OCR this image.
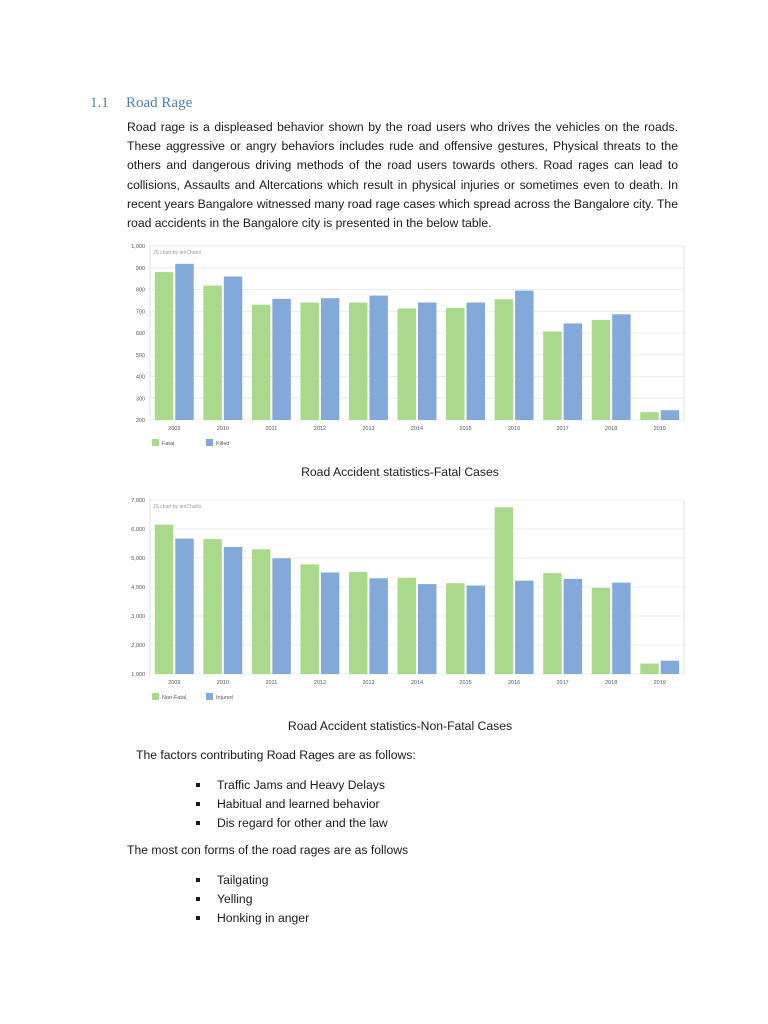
1.1 Road Rage
Road rage is a displeased behavior shown by the road users who drives the vehicles on the roads. These aggressive or angry behaviors includes rude and offensive gestures, Physical threats to the others and dangerous driving methods of the road users towards others. Road rages can lead to collisions, Assaults and Altercations which result in physical injuries or sometimes even to death. In recent years Bangalore witnessed many road rage cases which spread across the Bangalore city. The road accidents in the Bangalore city is presented in the below table.
200
300
400
500
600
700
800
900
1,000
JS chart by amCharts
2009	2010	2011	2012	2013	2014	2015	2016	2017	2018	2019
Fatal	Killed
Road Accident statistics-Fatal Cases
1,000
2,000
3,000
4,000
5,000
6,000
7,000
JS chart by amCharts
2009	2010	2011	2012	2013	2014	2015	2016	2017	2018	2019
Non-Fatal	Injured
Road Accident statistics-Non-Fatal Cases
The factors contributing Road Rages are as follows:
Traffic Jams and Heavy Delays
Habitual and learned behavior
Dis regard for other and the law
The most con forms of the road rages are as follows
Tailgating
Yelling
Honking in anger
